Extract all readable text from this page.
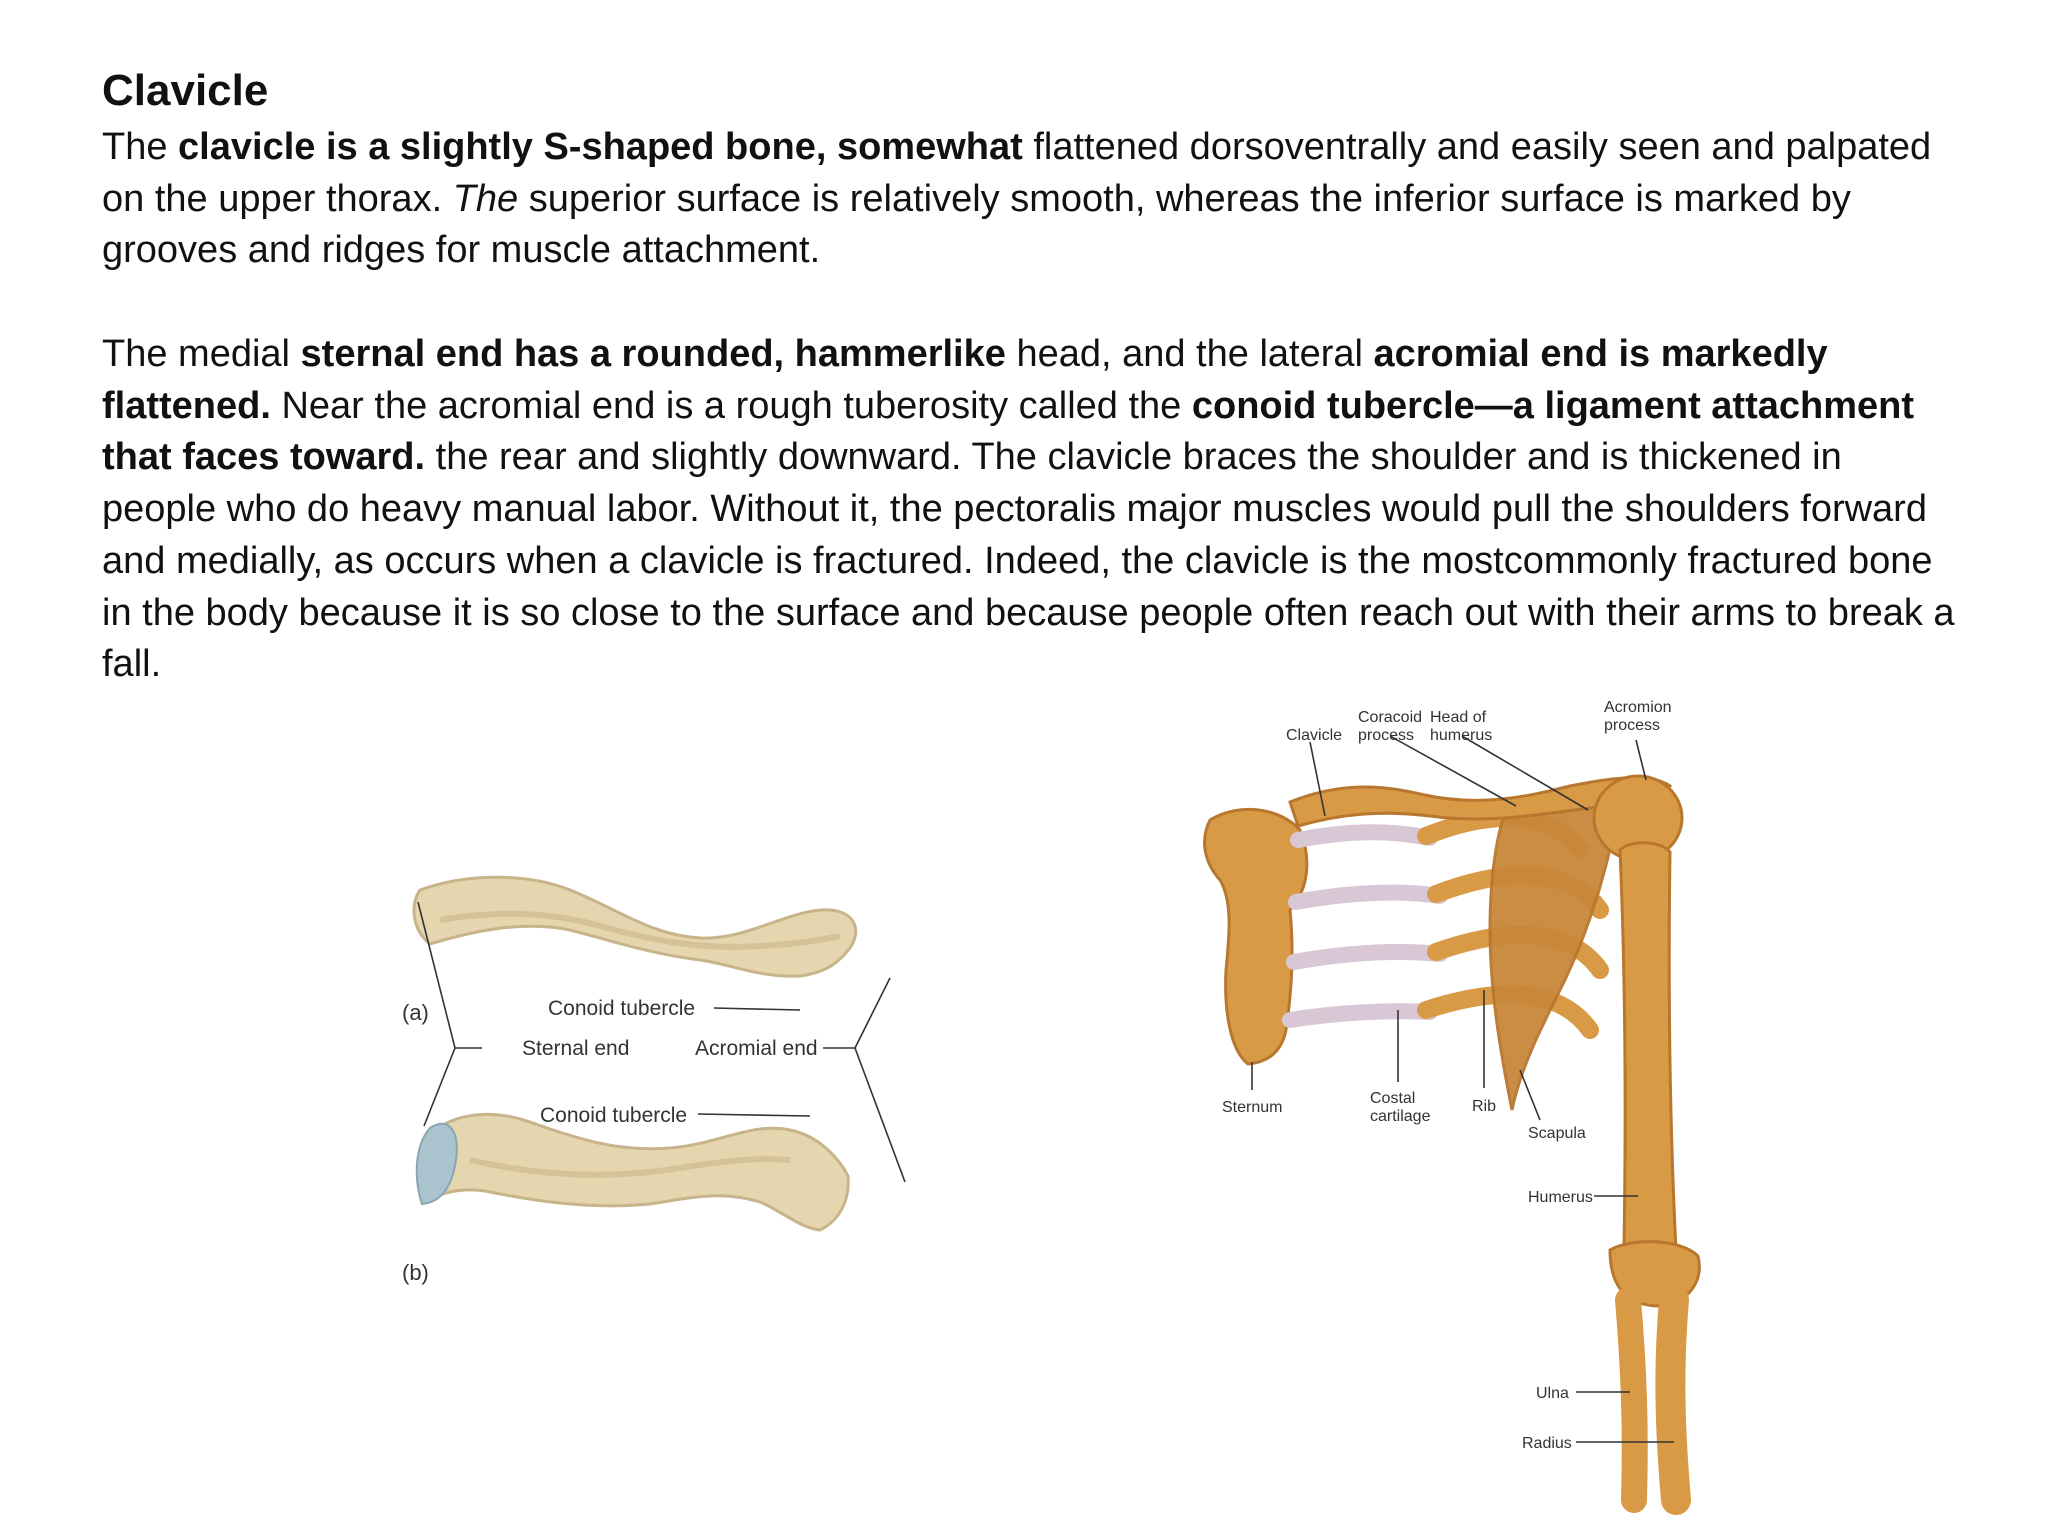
Clavicle

The clavicle is a slightly S-shaped bone, somewhat flattened dorsoventrally and easily seen and palpated on the upper thorax. The superior surface is relatively smooth, whereas the inferior surface is marked by grooves and ridges for muscle attachment.

The medial sternal end has a rounded, hammerlike head, and the lateral acromial end is markedly flattened. Near the acromial end is a rough tuberosity called the conoid tubercle—a ligament attachment that faces toward. the rear and slightly downward. The clavicle braces the shoulder and is thickened in people who do heavy manual labor. Without it, the pectoralis major muscles would pull the shoulders forward and medially, as occurs when a clavicle is fractured. Indeed, the clavicle is the mostcommonly fractured bone in the body because it is so close to the surface and because people often reach out with their arms to break a fall.

(a)
(b)
Conoid tubercle
Sternal end	Acromial end
Conoid tubercle
Clavicle
Coracoid
process
Head of
humerus
Acromion
process
Sternum
Costal
cartilage
Rib
Scapula
Humerus
Ulna
Radius
